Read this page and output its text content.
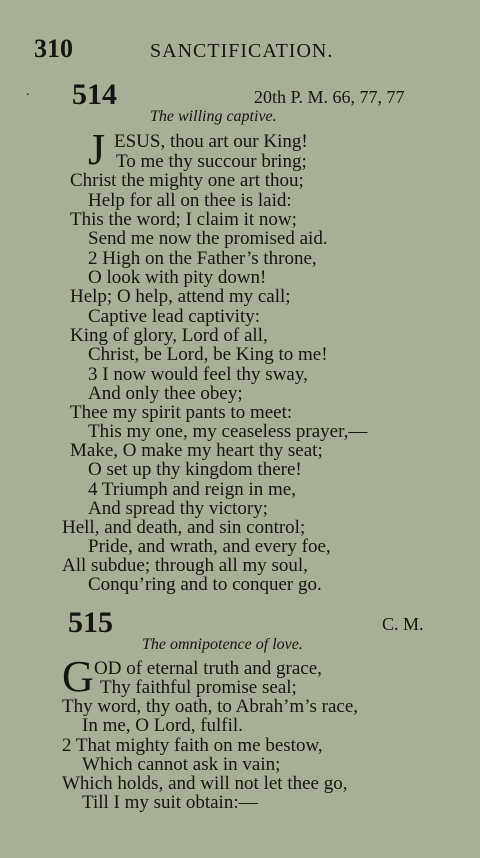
310	SANCTIFICATION.
. 514	20th P. M. 66, 77, 77
The willing captive.
J ESUS, thou art our King!
To me thy succour bring;
Christ the mighty one art thou;
Help for all on thee is laid:
This the word; I claim it now;
Send me now the promised aid.
2 High on the Father’s throne,
O look with pity down!
Help; O help, attend my call;
Captive lead captivity:
King of glory, Lord of all,
Christ, be Lord, be King to me!
3 I now would feel thy sway,
And only thee obey;
Thee my spirit pants to meet:
This my one, my ceaseless prayer,—
Make, O make my heart thy seat;
O set up thy kingdom there!
4 Triumph and reign in me,
And spread thy victory;
Hell, and death, and sin control;
Pride, and wrath, and every foe,
All subdue; through all my soul,
Conqu’ring and to conquer go.
515	C. M.
The omnipotence of love.
G OD of eternal truth and grace,
Thy faithful promise seal;
Thy word, thy oath, to Abrah’m’s race,
In me, O Lord, fulfil.
2 That mighty faith on me bestow,
Which cannot ask in vain;
Which holds, and will not let thee go,
Till I my suit obtain:—
